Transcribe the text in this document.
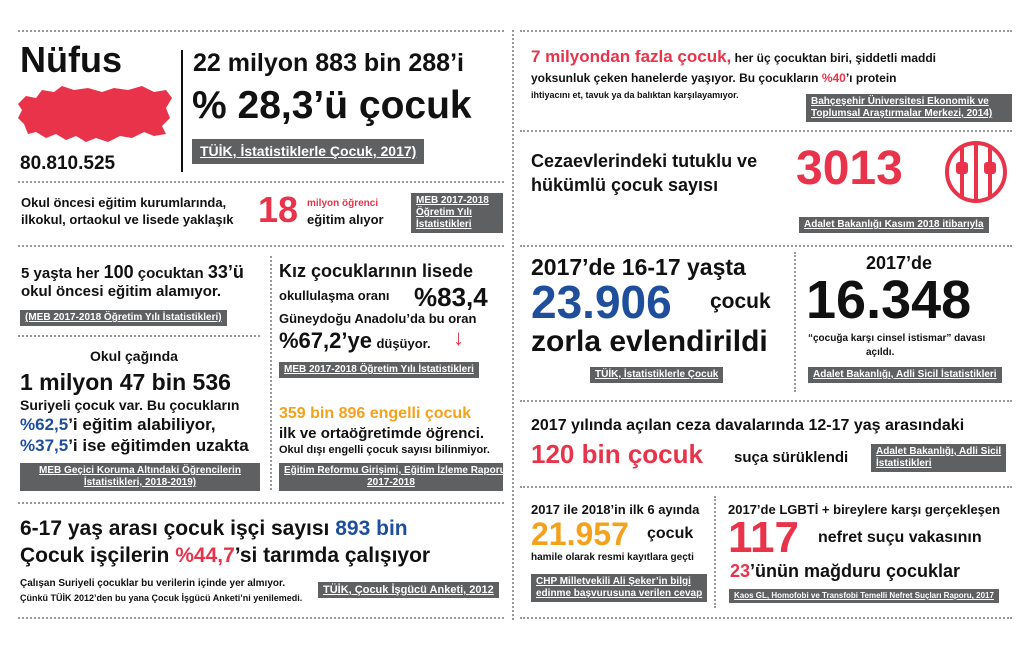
Nüfus
80.810.525
22 milyon 883 bin 288’i
% 28,3’ü çocuk
TÜİK, İstatistiklerle Çocuk, 2017)
Okul öncesi eğitim kurumlarında,
ilkokul, ortaokul ve lisede yaklaşık 18 milyon öğrenci
eğitim alıyor
MEB 2017-2018
Öğretim Yılı
İstatistikleri
5 yaşta her 100 çocuktan 33’ü
okul öncesi eğitim alamıyor.
(MEB 2017-2018 Öğretim Yılı İstatistikleri)
Okul çağında
1 milyon 47 bin 536
Suriyeli çocuk var. Bu çocukların
%62,5’i eğitim alabiliyor,
%37,5’i ise eğitimden uzakta
MEB Geçici Koruma Altındaki Öğrencilerin
İstatistikleri, 2018-2019)
Kız çocuklarının lisede
okullulaşma oranı %83,4
Güneydoğu Anadolu’da bu oran
%67,2’ye düşüyor. ↓
MEB 2017-2018 Öğretim Yılı İstatistikleri
359 bin 896 engelli çocuk
ilk ve ortaöğretimde öğrenci.
Okul dışı engelli çocuk sayısı bilinmiyor.
Eğitim Reformu Girişimi, Eğitim İzleme Raporu
2017-2018
6-17 yaş arası çocuk işçi sayısı 893 bin
Çocuk işçilerin %44,7’si tarımda çalışıyor
Çalışan Suriyeli çocuklar bu verilerin içinde yer almıyor.
Çünkü TÜİK 2012’den bu yana Çocuk İşgücü Anketi’ni yenilemedi.
TÜİK, Çocuk İşgücü Anketi, 2012
7 milyondan fazla çocuk, her üç çocuktan biri, şiddetli maddi
yoksunluk çeken hanelerde yaşıyor. Bu çocukların %40’ı protein
ihtiyacını et, tavuk ya da balıktan karşılayamıyor.
Bahçeşehir Üniversitesi Ekonomik ve
Toplumsal Araştırmalar Merkezi, 2014)
Cezaevlerindeki tutuklu ve
hükümlü çocuk sayısı 3013
Adalet Bakanlığı Kasım 2018 itibarıyla
2017’de 16-17 yaşta
23.906 çocuk
zorla evlendirildi
TÜİK, İstatistiklerle Çocuk
2017’de
16.348
“çocuğa karşı cinsel istismar” davası
açıldı.
Adalet Bakanlığı, Adli Sicil İstatistikleri
2017 yılında açılan ceza davalarında 12-17 yaş arasındaki
120 bin çocuk suça sürüklendi	Adalet Bakanlığı, Adli Sicil
İstatistikleri
2017 ile 2018’in ilk 6 ayında
21.957 çocuk
hamile olarak resmi kayıtlara geçti
CHP Milletvekili Ali Şeker’in bilgi
edinme başvurusuna verilen cevap
2017’de LGBTİ + bireylere karşı gerçekleşen
117 nefret suçu vakasının
23’ünün mağduru çocuklar
Kaos GL, Homofobi ve Transfobi Temelli Nefret Suçları Raporu, 2017
